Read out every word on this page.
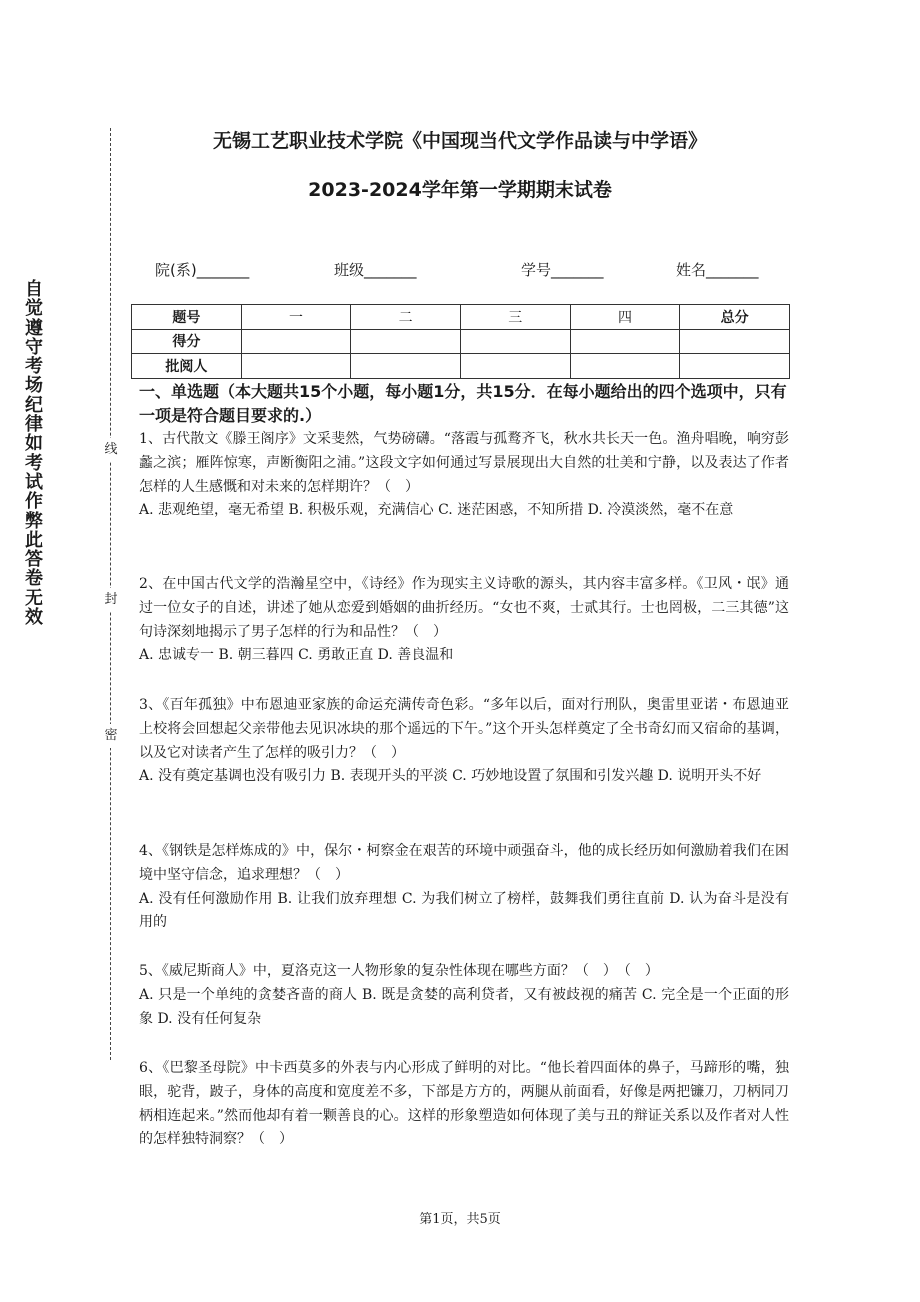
自觉遵守考场纪律如考试作弊此答卷无效
线
封
密
无锡工艺职业技术学院《中国现当代文学作品读与中学语》
2023-2024学年第一学期期末试卷
院(系)_______	班级_______	学号_______	姓名_______
题号	一	二	三	四	总分
得分					
批阅人					
一、单选题（本大题共15个小题，每小题1分，共15分．在每小题给出的四个选项中，只有一项是符合题目要求的.）

1、古代散文《滕王阁序》文采斐然，气势磅礴。“落霞与孤鹜齐飞，秋水共长天一色。渔舟唱晚，响穷彭蠡之滨；雁阵惊寒，声断衡阳之浦。”这段文字如何通过写景展现出大自然的壮美和宁静，以及表达了作者怎样的人生感慨和对未来的怎样期许？（　）

A. 悲观绝望，毫无希望 B. 积极乐观，充满信心 C. 迷茫困惑，不知所措 D. 冷漠淡然，毫不在意

2、在中国古代文学的浩瀚星空中，《诗经》作为现实主义诗歌的源头，其内容丰富多样。《卫风・氓》通过一位女子的自述，讲述了她从恋爱到婚姻的曲折经历。“女也不爽，士贰其行。士也罔极，二三其德”这句诗深刻地揭示了男子怎样的行为和品性？（　）

A. 忠诚专一 B. 朝三暮四 C. 勇敢正直 D. 善良温和

3、《百年孤独》中布恩迪亚家族的命运充满传奇色彩。“多年以后，面对行刑队，奥雷里亚诺・布恩迪亚上校将会回想起父亲带他去见识冰块的那个遥远的下午。”这个开头怎样奠定了全书奇幻而又宿命的基调，以及它对读者产生了怎样的吸引力？（　）

A. 没有奠定基调也没有吸引力 B. 表现开头的平淡 C. 巧妙地设置了氛围和引发兴趣 D. 说明开头不好

4、《钢铁是怎样炼成的》中，保尔・柯察金在艰苦的环境中顽强奋斗，他的成长经历如何激励着我们在困境中坚守信念，追求理想？（　）

A. 没有任何激励作用 B. 让我们放弃理想 C. 为我们树立了榜样，鼓舞我们勇往直前 D. 认为奋斗是没有用的

5、《威尼斯商人》中，夏洛克这一人物形象的复杂性体现在哪些方面？（　）　（　）

A. 只是一个单纯的贪婪吝啬的商人 B. 既是贪婪的高利贷者，又有被歧视的痛苦 C. 完全是一个正面的形象 D. 没有任何复杂

6、《巴黎圣母院》中卡西莫多的外表与内心形成了鲜明的对比。“他长着四面体的鼻子，马蹄形的嘴，独眼，驼背，跛子，身体的高度和宽度差不多，下部是方方的，两腿从前面看，好像是两把镰刀，刀柄同刀柄相连起来。”然而他却有着一颗善良的心。这样的形象塑造如何体现了美与丑的辩证关系以及作者对人性的怎样独特洞察？（　）

第1页，共5页
